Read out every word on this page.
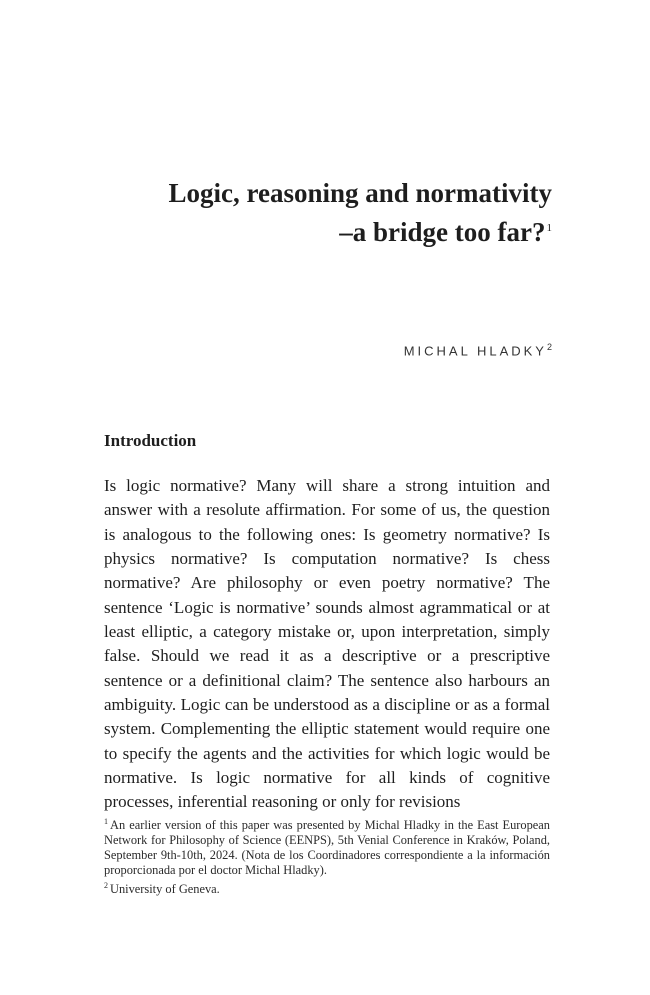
Logic, reasoning and normativity
–a bridge too far?$^1$
MICHAL HLADKY$^2$
Introduction

Is logic normative? Many will share a strong intuition and answer with a resolute affirmation. For some of us, the question is analogous to the following ones: Is geometry normative? Is physics normative? Is computation normative? Is chess normative? Are philosophy or even poetry normative? The sentence ‘Logic is normative’ sounds almost agrammatical or at least elliptic, a category mistake or, upon interpretation, simply false. Should we read it as a descriptive or a prescriptive sentence or a definitional claim? The sentence also harbours an ambiguity. Logic can be understood as a discipline or as a formal system. Complementing the elliptic statement would require one to specify the agents and the activities for which logic would be normative. Is logic normative for all kinds of cognitive processes, inferential reasoning or only for revisions

$^1$ An earlier version of this paper was presented by Michal Hladky in the East European Network for Philosophy of Science (EENPS), 5th Venial Conference in Kraków, Poland, September 9th-10th, 2024. (Nota de los Coordinadores correspondiente a la información proporcionada por el doctor Michal Hladky).

$^2$ University of Geneva.
